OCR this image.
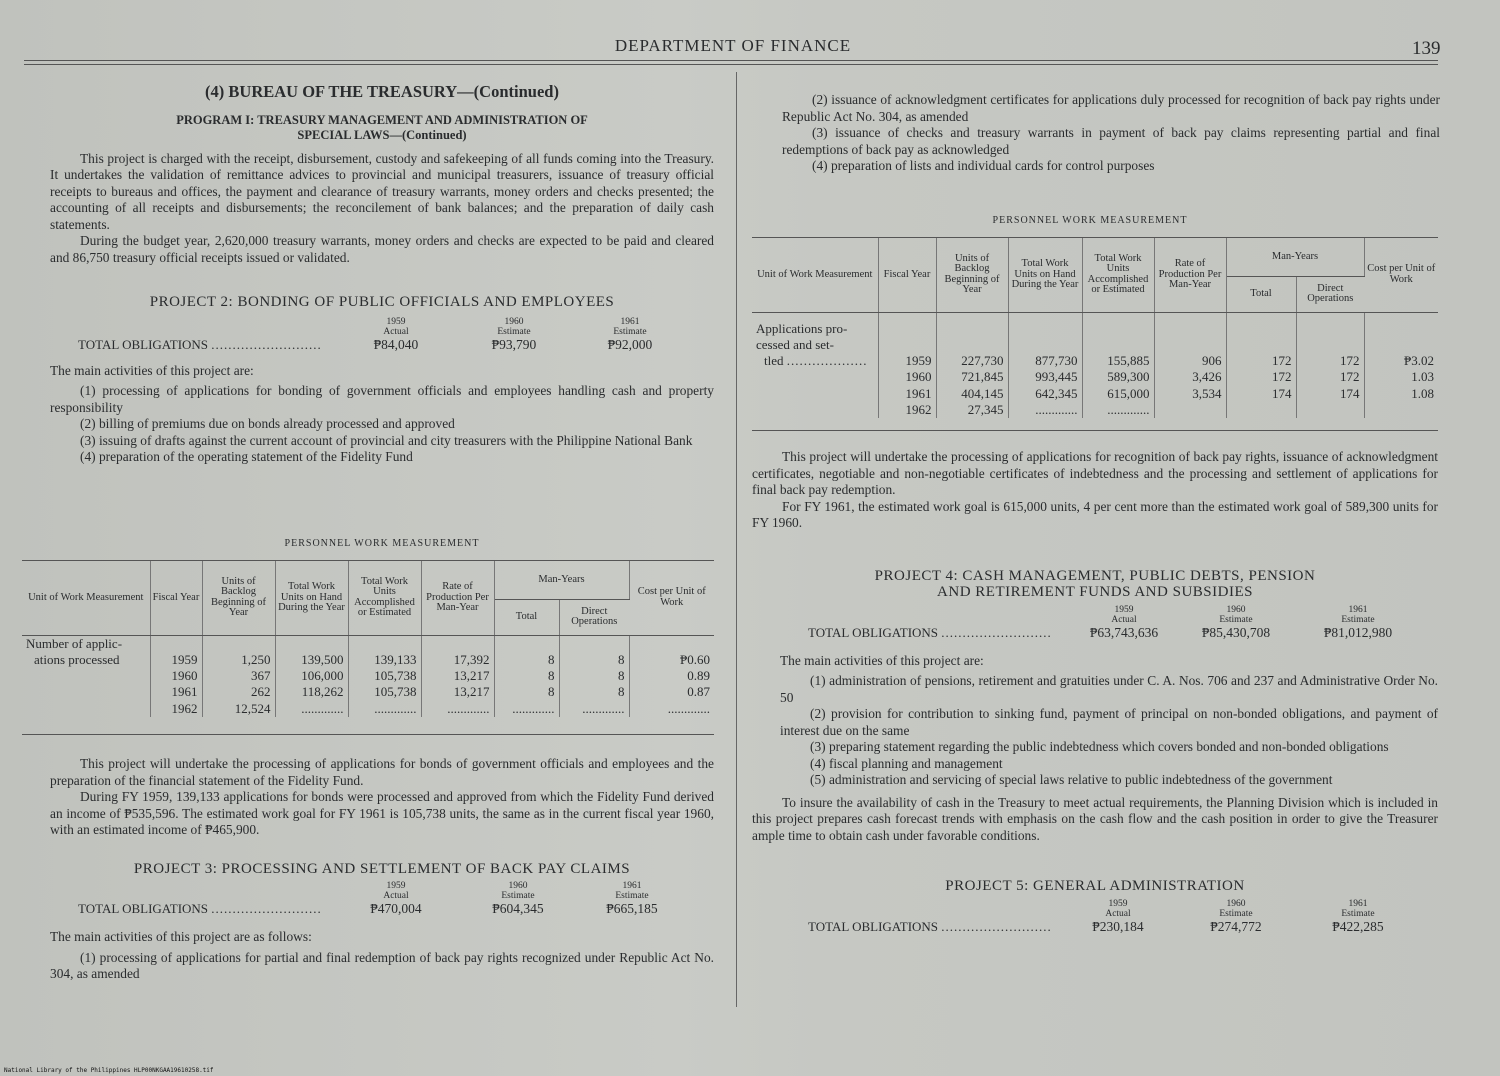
DEPARTMENT OF FINANCE	139
(4) BUREAU OF THE TREASURY—(Continued)
PROGRAM I: TREASURY MANAGEMENT AND ADMINISTRATION OF
SPECIAL LAWS—(Continued)

This project is charged with the receipt, disbursement, custody and safekeeping of all funds coming into the Treasury. It undertakes the validation of remittance advices to provincial and municipal treasurers, issuance of treasury official receipts to bureaus and offices, the payment and clearance of treasury warrants, money orders and checks presented; the accounting of all receipts and disbursements; the reconcilement of bank balances; and the preparation of daily cash statements.

During the budget year, 2,620,000 treasury warrants, money orders and checks are expected to be paid and cleared and 86,750 treasury official receipts issued or validated.

PROJECT 2: BONDING OF PUBLIC OFFICIALS AND EMPLOYEES
TOTAL OBLIGATIONS ..........................
1959
Actual
1960
Estimate
1961
Estimate
₱84,040	₱93,790	₱92,000

The main activities of this project are:

(1) processing of applications for bonding of government officials and employees handling cash and property responsibility

(2) billing of premiums due on bonds already processed and approved

(3) issuing of drafts against the current account of provincial and city treasurers with the Philippine National Bank

(4) preparation of the operating statement of the Fidelity Fund

PERSONNEL WORK MEASUREMENT
Unit of Work Measurement	Fiscal Year	Units of Backlog Beginning of Year	Total Work Units on Hand During the Year	Total Work Units Accomplished or Estimated	Rate of Production Per Man-Year	Man-Years		Cost per Unit of Work
						Total	Direct Operations	
Number of applic-								
ations processed	1959	1,250	139,500	139,133	17,392	8	8	₱0.60
	1960	367	106,000	105,738	13,217	8	8	0.89
	1961	262	118,262	105,738	13,217	8	8	0.87
	1962	12,524	.............	.............	.............	.............	.............	.............

This project will undertake the processing of applications for bonds of government officials and employees and the preparation of the financial statement of the Fidelity Fund.

During FY 1959, 139,133 applications for bonds were processed and approved from which the Fidelity Fund derived an income of ₱535,596. The estimated work goal for FY 1961 is 105,738 units, the same as in the current fiscal year 1960, with an estimated income of ₱465,900.

PROJECT 3: PROCESSING AND SETTLEMENT OF BACK PAY CLAIMS
TOTAL OBLIGATIONS ..........................
1959
Actual
1960
Estimate
1961
Estimate
₱470,004	₱604,345	₱665,185

The main activities of this project are as follows:

(1) processing of applications for partial and final redemption of back pay rights recognized under Republic Act No. 304, as amended

(2) issuance of acknowledgment certificates for applications duly processed for recognition of back pay rights under Republic Act No. 304, as amended

(3) issuance of checks and treasury warrants in payment of back pay claims representing partial and final redemptions of back pay as acknowledged

(4) preparation of lists and individual cards for control purposes

PERSONNEL WORK MEASUREMENT
Unit of Work Measurement	Fiscal Year	Units of Backlog Beginning of Year	Total Work Units on Hand During the Year	Total Work Units Accomplished or Estimated	Rate of Production Per Man-Year	Man-Years		Cost per Unit of Work
						Total	Direct Operations	
Applications pro-								
cessed and set-								
tled ...................	1959	227,730	877,730	155,885	906	172	172	₱3.02
	1960	721,845	993,445	589,300	3,426	172	172	1.03
	1961	404,145	642,345	615,000	3,534	174	174	1.08
	1962	27,345	.............	.............				

This project will undertake the processing of applications for recognition of back pay rights, issuance of acknowledgment certificates, negotiable and non-negotiable certificates of indebtedness and the processing and settlement of applications for final back pay redemption.

For FY 1961, the estimated work goal is 615,000 units, 4 per cent more than the estimated work goal of 589,300 units for FY 1960.

PROJECT 4: CASH MANAGEMENT, PUBLIC DEBTS, PENSION
AND RETIREMENT FUNDS AND SUBSIDIES
TOTAL OBLIGATIONS ..........................
1959
Actual
1960
Estimate
1961
Estimate
₱63,743,636	₱85,430,708	₱81,012,980

The main activities of this project are:

(1) administration of pensions, retirement and gratuities under C. A. Nos. 706 and 237 and Administrative Order No. 50

(2) provision for contribution to sinking fund, payment of principal on non-bonded obligations, and payment of interest due on the same

(3) preparing statement regarding the public indebtedness which covers bonded and non-bonded obligations

(4) fiscal planning and management

(5) administration and servicing of special laws relative to public indebtedness of the government

To insure the availability of cash in the Treasury to meet actual requirements, the Planning Division which is included in this project prepares cash forecast trends with emphasis on the cash flow and the cash position in order to give the Treasurer ample time to obtain cash under favorable conditions.

PROJECT 5: GENERAL ADMINISTRATION
TOTAL OBLIGATIONS ..........................
1959
Actual
1960
Estimate
1961
Estimate
₱230,184	₱274,772	₱422,285
National Library of the Philippines HLP00NKGAA19610258.tif
